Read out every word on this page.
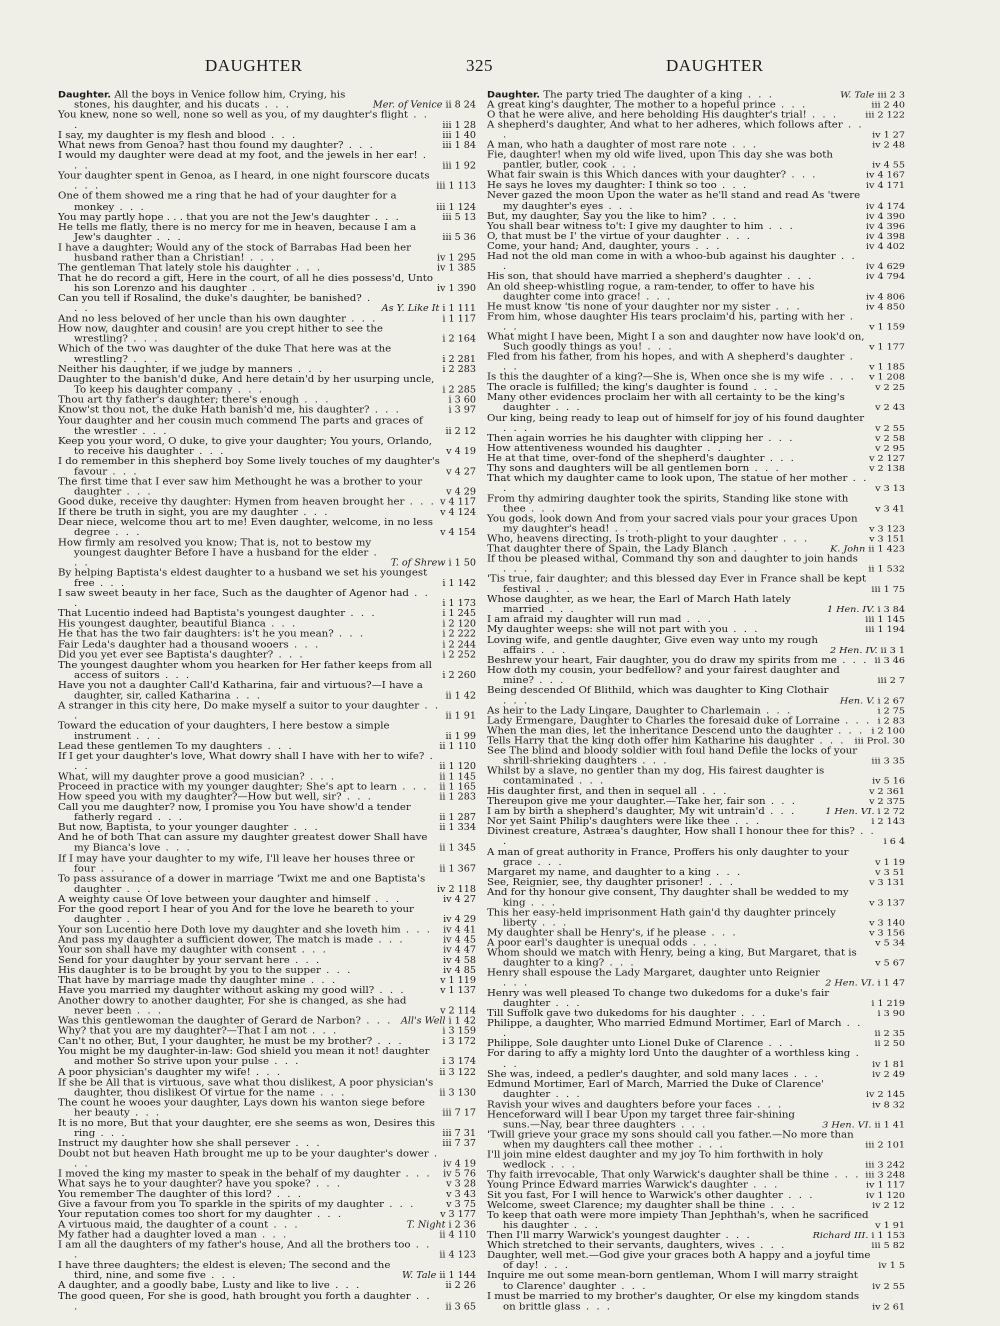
DAUGHTER	325	DAUGHTER
Daughter. All the boys in Venice follow him, Crying, his stones, his daughter, and his ducats . . .	Mer. of Venice ii 8 24
You knew, none so well, none so well as you, of my daughter's flight . . .	iii 1 28
I say, my daughter is my flesh and blood . . .	iii 1 40
What news from Genoa? hast thou found my daughter? . . .	iii 1 84
I would my daughter were dead at my foot, and the jewels in her ear! . . .	iii 1 92
Your daughter spent in Genoa, as I heard, in one night fourscore ducats . . .	iii 1 113
One of them showed me a ring that he had of your daughter for a monkey . . .	iii 1 124
You may partly hope . . . that you are not the Jew's daughter . . .	iii 5 13
He tells me flatly, there is no mercy for me in heaven, because I am a Jew's daughter . . .	iii 5 36
I have a daughter; Would any of the stock of Barrabas Had been her husband rather than a Christian! . . .	iv 1 295
The gentleman That lately stole his daughter . . .	iv 1 385
That he do record a gift, Here in the court, of all he dies possess'd, Unto his son Lorenzo and his daughter . . .	iv 1 390
Can you tell if Rosalind, the duke's daughter, be banished? . . .	As Y. Like It i 1 111
And no less beloved of her uncle than his own daughter . . .	i 1 117
How now, daughter and cousin! are you crept hither to see the wrestling? . . .	i 2 164
Which of the two was daughter of the duke That here was at the wrestling? . . .	i 2 281
Neither his daughter, if we judge by manners . . .	i 2 283
Daughter to the banish'd duke, And here detain'd by her usurping uncle, To keep his daughter company . . .	i 2 285
Thou art thy father's daughter; there's enough . . .	i 3 60
Know'st thou not, the duke Hath banish'd me, his daughter? . . .	i 3 97
Your daughter and her cousin much commend The parts and graces of the wrestler . . .	ii 2 12
Keep you your word, O duke, to give your daughter; You yours, Orlando, to receive his daughter . . .	v 4 19
I do remember in this shepherd boy Some lively touches of my daughter's favour . . .	v 4 27
The first time that I ever saw him Methought he was a brother to your daughter . . .	v 4 29
Good duke, receive thy daughter: Hymen from heaven brought her . . . v 4 117
If there be truth in sight, you are my daughter . . .	v 4 124
Dear niece, welcome thou art to me! Even daughter, welcome, in no less degree . . .	v 4 154
How firmly am resolved you know; That is, not to bestow my youngest daughter Before I have a husband for the elder . . .	T. of Shrew i 1 50
By helping Baptista's eldest daughter to a husband we set his youngest free . . .	i 1 142
I saw sweet beauty in her face, Such as the daughter of Agenor had . . .	i 1 173
That Lucentio indeed had Baptista's youngest daughter . . .	i 1 245
His youngest daughter, beautiful Bianca . . .	i 2 120
He that has the two fair daughters: is't he you mean? . . .	i 2 222
Fair Leda's daughter had a thousand wooers . . .	i 2 244
Did you yet ever see Baptista's daughter? . . .	i 2 252
The youngest daughter whom you hearken for Her father keeps from all access of suitors . . .	i 2 260
Have you not a daughter Call'd Katharina, fair and virtuous?—I have a daughter, sir, called Katharina . . .	ii 1 42
A stranger in this city here, Do make myself a suitor to your daughter . . .	ii 1 91
Toward the education of your daughters, I here bestow a simple instrument . . .	ii 1 99
Lead these gentlemen To my daughters . . .	ii 1 110
If I get your daughter's love, What dowry shall I have with her to wife? . . .	ii 1 120
What, will my daughter prove a good musician? . . .	ii 1 145
Proceed in practice with my younger daughter; She's apt to learn . . .	ii 1 165
How speed you with my daughter?—How but well, sir? . . .	ii 1 283
Call you me daughter? now, I promise you You have show'd a tender fatherly regard . . .	ii 1 287
But now, Baptista, to your younger daughter . . .	ii 1 334
And he of both That can assure my daughter greatest dower Shall have my Bianca's love . . .	ii 1 345
If I may have your daughter to my wife, I'll leave her houses three or four . . .	ii 1 367
To pass assurance of a dower in marriage 'Twixt me and one Baptista's daughter . . .	iv 2 118
A weighty cause Of love between your daughter and himself . . .	iv 4 27
For the good report I hear of you And for the love he beareth to your daughter . . .	iv 4 29
Your son Lucentio here Doth love my daughter and she loveth him . . .	iv 4 41
And pass my daughter a sufficient dower, The match is made . . .	iv 4 45
Your son shall have my daughter with consent . . .	iv 4 47
Send for your daughter by your servant here . . .	iv 4 58
His daughter is to be brought by you to the supper . . .	iv 4 85
That have by marriage made thy daughter mine . . .	v 1 119
Have you married my daughter without asking my good will? . . .	v 1 137
Another dowry to another daughter, For she is changed, as she had never been . . .	v 2 114
Was this gentlewoman the daughter of Gerard de Narbon? . . . All's Well i 1 42
Why? that you are my daughter?—That I am not . . .	i 3 159
Can't no other, But, I your daughter, he must be my brother? . . .	i 3 172
You might be my daughter-in-law: God shield you mean it not! daughter and mother So strive upon your pulse . . .	i 3 174
A poor physician's daughter my wife! . . .	ii 3 122
If she be All that is virtuous, save what thou dislikest, A poor physician's daughter, thou dislikest Of virtue for the name . . .	ii 3 130
The count he wooes your daughter, Lays down his wanton siege before her beauty . . .	iii 7 17
It is no more, But that your daughter, ere she seems as won, Desires this ring . . .	iii 7 31
Instruct my daughter how she shall persever . . .	iii 7 37
Doubt not but heaven Hath brought me up to be your daughter's dower . . .	iv 4 19
I moved the king my master to speak in the behalf of my daughter . . .	iv 5 76
What says he to your daughter? have you spoke? . . .	v 3 28
You remember The daughter of this lord? . . .	v 3 43
Give a favour from you To sparkle in the spirits of my daughter . . .	v 3 75
Your reputation comes too short for my daughter . . .	v 3 177
A virtuous maid, the daughter of a count . . .	T. Night i 2 36
My father had a daughter loved a man . . .	ii 4 110
I am all the daughters of my father's house, And all the brothers too . . .	ii 4 123
I have three daughters; the eldest is eleven; The second and the third, nine, and some five . . .	W. Tale ii 1 144
A daughter, and a goodly babe, Lusty and like to live . . .	ii 2 26
The good queen, For she is good, hath brought you forth a daughter . . .	ii 3 65
Daughter. The party tried The daughter of a king . . .	W. Tale iii 2 3
A great king's daughter, The mother to a hopeful prince . . .	iii 2 40
O that he were alive, and here beholding His daughter's trial! . . .	iii 2 122
A shepherd's daughter, And what to her adheres, which follows after . . .	iv 1 27
A man, who hath a daughter of most rare note . . .	iv 2 48
Fie, daughter! when my old wife lived, upon This day she was both pantler, butler, cook . . .	iv 4 55
What fair swain is this Which dances with your daughter? . . .	iv 4 167
He says he loves my daughter: I think so too . . .	iv 4 171
Never gazed the moon Upon the water as he'll stand and read As 'twere my daughter's eyes . . .	iv 4 174
But, my daughter, Say you the like to him? . . .	iv 4 390
You shall bear witness to't: I give my daughter to him . . .	iv 4 396
O, that must be I' the virtue of your daughter . . .	iv 4 398
Come, your hand; And, daughter, yours . . .	iv 4 402
Had not the old man come in with a whoo-bub against his daughter . . .	iv 4 629
His son, that should have married a shepherd's daughter . . .	iv 4 794
An old sheep-whistling rogue, a ram-tender, to offer to have his daughter come into grace! . . .	iv 4 806
He must know 'tis none of your daughter nor my sister . . .	iv 4 850
From him, whose daughter His tears proclaim'd his, parting with her . . .	v 1 159
What might I have been, Might I a son and daughter now have look'd on, Such goodly things as you! . . .	v 1 177
Fled from his father, from his hopes, and with A shepherd's daughter . . .	v 1 185
Is this the daughter of a king?—She is, When once she is my wife . . .	v 1 208
The oracle is fulfilled; the king's daughter is found . . .	v 2 25
Many other evidences proclaim her with all certainty to be the king's daughter . . .	v 2 43
Our king, being ready to leap out of himself for joy of his found daughter . . .	v 2 55
Then again worries he his daughter with clipping her . . .	v 2 58
How attentiveness wounded his daughter . . .	v 2 95
He at that time, over-fond of the shepherd's daughter . . .	v 2 127
Thy sons and daughters will be all gentlemen born . . .	v 2 138
That which my daughter came to look upon, The statue of her mother . . .	v 3 13
From thy admiring daughter took the spirits, Standing like stone with thee . . .	v 3 41
You gods, look down And from your sacred vials pour your graces Upon my daughter's head! . . .	v 3 123
Who, heavens directing, Is troth-plight to your daughter . . .	v 3 151
That daughter there of Spain, the Lady Blanch . . .	K. John ii 1 423
If thou be pleased withal, Command thy son and daughter to join hands . . .	ii 1 532
'Tis true, fair daughter; and this blessed day Ever in France shall be kept festival . . .	iii 1 75
Whose daughter, as we hear, the Earl of March Hath lately married . . .	1 Hen. IV. i 3 84
I am afraid my daughter will run mad . . .	iii 1 145
My daughter weeps: she will not part with you . . .	iii 1 194
Loving wife, and gentle daughter, Give even way unto my rough affairs . . .	2 Hen. IV. ii 3 1
Beshrew your heart, Fair daughter, you do draw my spirits from me . . . ii 3 46
How doth my cousin, your bedfellow? and your fairest daughter and mine? . . .	iii 2 7
Being descended Of Blithild, which was daughter to King Clothair . . .	Hen. V. i 2 67
As heir to the Lady Lingare, Daughter to Charlemain . . .	i 2 75
Lady Ermengare, Daughter to Charles the foresaid duke of Lorraine . . . i 2 83
When the man dies, let the inheritance Descend unto the daughter . . . i 2 100
Tells Harry that the king doth offer him Katharine his daughter . . . iii Prol. 30
See The blind and bloody soldier with foul hand Defile the locks of your shrill-shrieking daughters . . .	iii 3 35
Whilst by a slave, no gentler than my dog, His fairest daughter is contaminated . . .	iv 5 16
His daughter first, and then in sequel all . . .	v 2 361
Thereupon give me your daughter.—Take her, fair son . . .	v 2 375
I am by birth a shepherd's daughter, My wit untrain'd . . .	1 Hen. VI. i 2 72
Nor yet Saint Philip's daughters were like thee . . .	i 2 143
Divinest creature, Astræa's daughter, How shall I honour thee for this? . . .	i 6 4
A man of great authority in France, Proffers his only daughter to your grace . . .	v 1 19
Margaret my name, and daughter to a king . . .	v 3 51
See, Reignier, see, thy daughter prisoner! . . .	v 3 131
And for thy honour give consent, Thy daughter shall be wedded to my king . . .	v 3 137
This her easy-held imprisonment Hath gain'd thy daughter princely liberty . . .	v 3 140
My daughter shall be Henry's, if he please . . .	v 3 156
A poor earl's daughter is unequal odds . . .	v 5 34
Whom should we match with Henry, being a king, But Margaret, that is daughter to a king? . . .	v 5 67
Henry shall espouse the Lady Margaret, daughter unto Reignier . . .	2 Hen. VI. i 1 47
Henry was well pleased To change two dukedoms for a duke's fair daughter . . .	i 1 219
Till Suffolk gave two dukedoms for his daughter . . .	i 3 90
Philippe, a daughter, Who married Edmund Mortimer, Earl of March . . .	ii 2 35
Philippe, Sole daughter unto Lionel Duke of Clarence . . .	ii 2 50
For daring to affy a mighty lord Unto the daughter of a worthless king . . .	iv 1 81
She was, indeed, a pedler's daughter, and sold many laces . . .	iv 2 49
Edmund Mortimer, Earl of March, Married the Duke of Clarence' daughter . . .	iv 2 145
Ravish your wives and daughters before your faces . . .	iv 8 32
Henceforward will I bear Upon my target three fair-shining suns.—Nay, bear three daughters . . .	3 Hen. VI. ii 1 41
'Twill grieve your grace my sons should call you father.—No more than when my daughters call thee mother . . .	iii 2 101
I'll join mine eldest daughter and my joy To him forthwith in holy wedlock . . .	iii 3 242
Thy faith irrevocable, That only Warwick's daughter shall be thine . . . iii 3 248
Young Prince Edward marries Warwick's daughter . . .	iv 1 117
Sit you fast, For I will hence to Warwick's other daughter . . .	iv 1 120
Welcome, sweet Clarence; my daughter shall be thine . . .	iv 2 12
To keep that oath were more impiety Than Jephthah's, when he sacrificed his daughter . . .	v 1 91
Then I'll marry Warwick's youngest daughter . . .	Richard III. i 1 153
Which stretched to their servants, daughters, wives . . .	iii 5 82
Daughter, well met.—God give your graces both A happy and a joyful time of day! . . .	iv 1 5
Inquire me out some mean-born gentleman, Whom I will marry straight to Clarence' daughter . . .	iv 2 55
I must be married to my brother's daughter, Or else my kingdom stands on brittle glass . . .	iv 2 61
